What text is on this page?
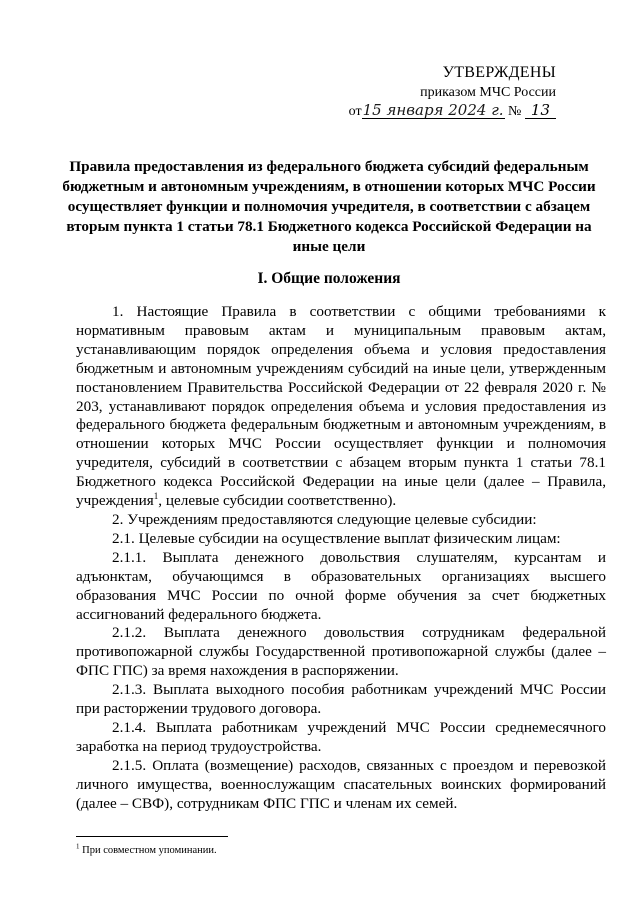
УТВЕРЖДЕНЫ
приказом МЧС России
от15 января 2024 г. № 13
Правила предоставления из федерального бюджета субсидий федеральным бюджетным и автономным учреждениям, в отношении которых МЧС России осуществляет функции и полномочия учредителя, в соответствии с абзацем вторым пункта 1 статьи 78.1 Бюджетного кодекса Российской Федерации на иные цели
I. Общие положения

1. Настоящие Правила в соответствии с общими требованиями к нормативным правовым актам и муниципальным правовым актам, устанавливающим порядок определения объема и условия предоставления бюджетным и автономным учреждениям субсидий на иные цели, утвержденным постановлением Правительства Российской Федерации от 22 февраля 2020 г. № 203, устанавливают порядок определения объема и условия предоставления из федерального бюджета федеральным бюджетным и автономным учреждениям, в отношении которых МЧС России осуществляет функции и полномочия учредителя, субсидий в соответствии с абзацем вторым пункта 1 статьи 78.1 Бюджетного кодекса Российской Федерации на иные цели (далее – Правила, учреждения$^1$, целевые субсидии соответственно).

2. Учреждениям предоставляются следующие целевые субсидии:

2.1. Целевые субсидии на осуществление выплат физическим лицам:

2.1.1. Выплата денежного довольствия слушателям, курсантам и адъюнктам, обучающимся в образовательных организациях высшего образования МЧС России по очной форме обучения за счет бюджетных ассигнований федерального бюджета.

2.1.2. Выплата денежного довольствия сотрудникам федеральной противопожарной службы Государственной противопожарной службы (далее – ФПС ГПС) за время нахождения в распоряжении.

2.1.3. Выплата выходного пособия работникам учреждений МЧС России при расторжении трудового договора.

2.1.4. Выплата работникам учреждений МЧС России среднемесячного заработка на период трудоустройства.

2.1.5. Оплата (возмещение) расходов, связанных с проездом и перевозкой личного имущества, военнослужащим спасательных воинских формирований (далее – СВФ), сотрудникам ФПС ГПС и членам их семей.

$^1$ При совместном упоминании.
